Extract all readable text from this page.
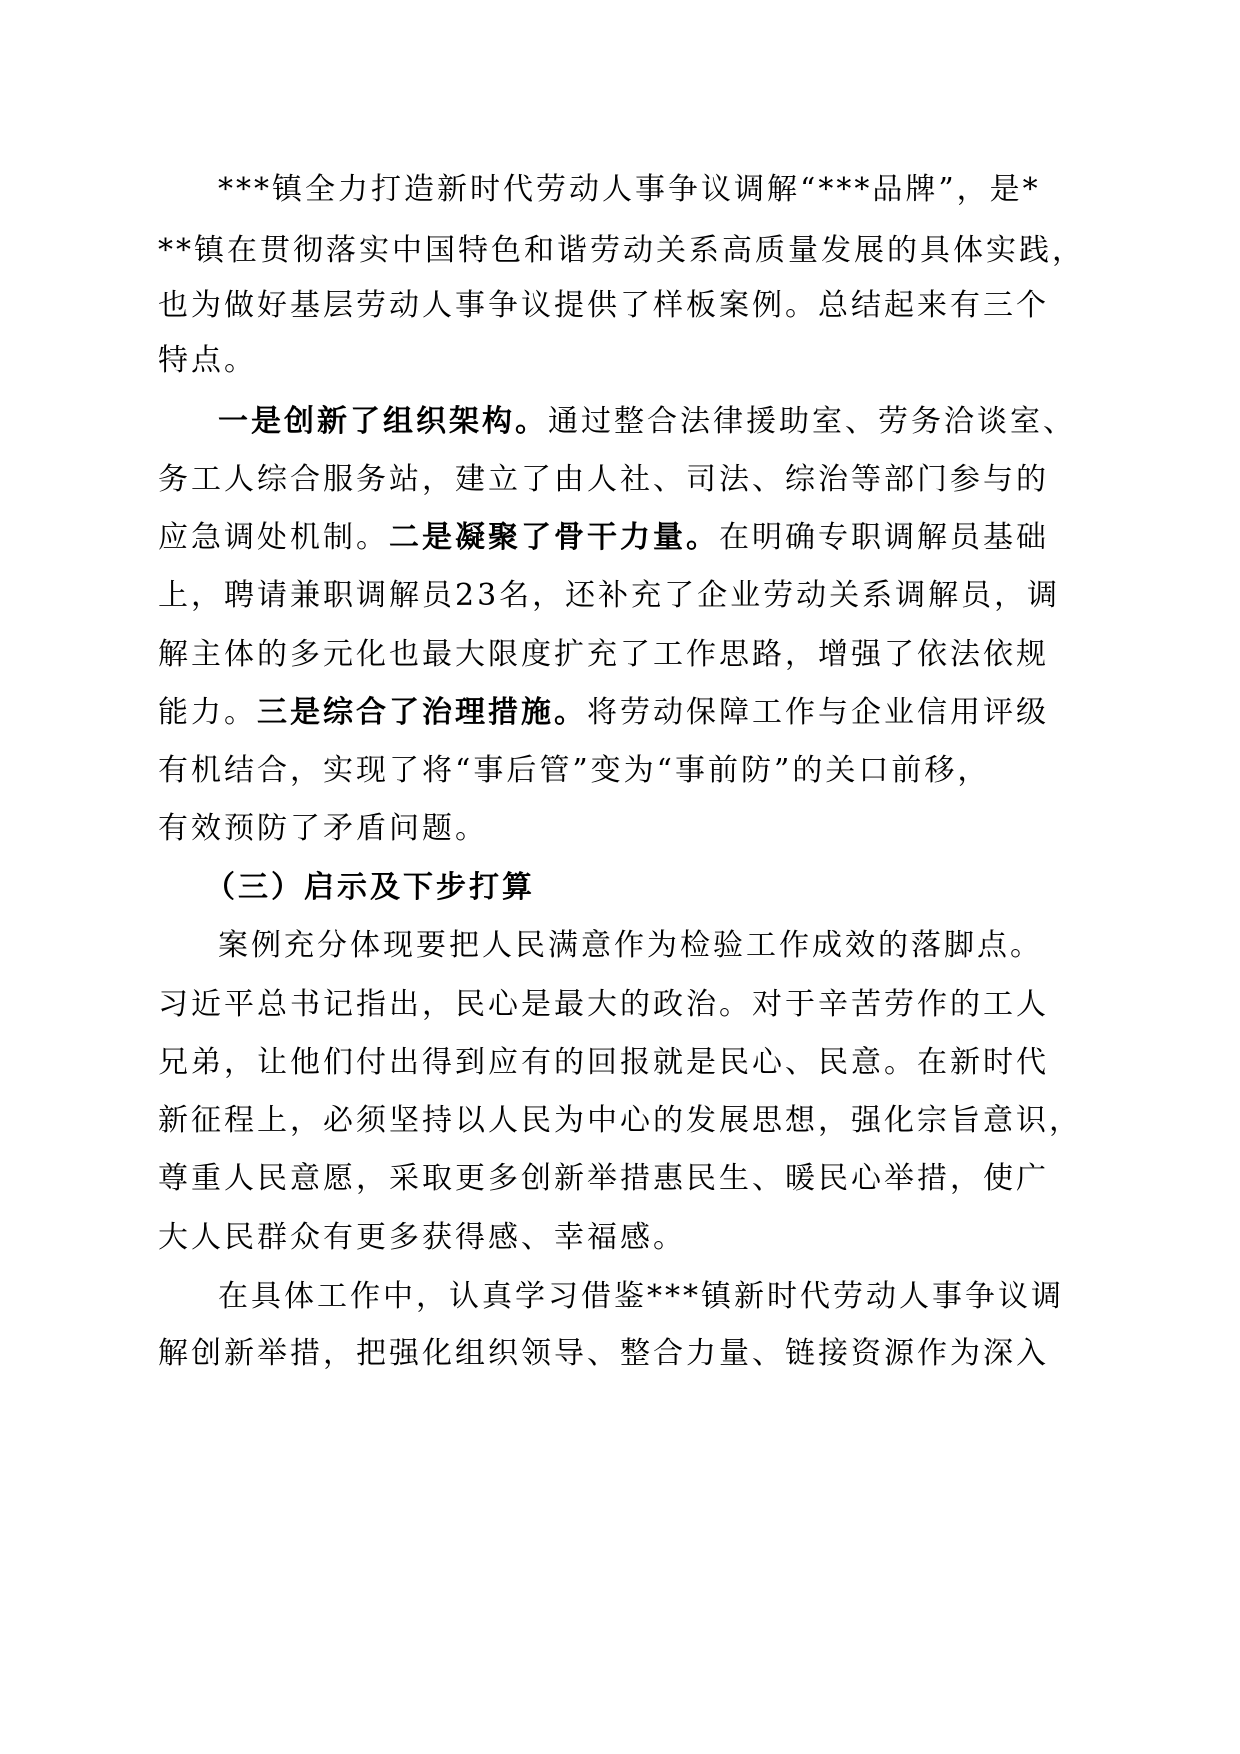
***镇全力打造新时代劳动人事争议调解“***品牌”，是*
**镇在贯彻落实中国特色和谐劳动关系高质量发展的具体实践，
也为做好基层劳动人事争议提供了样板案例。总结起来有三个
特点。
一是创新了组织架构。通过整合法律援助室、劳务洽谈室、
务工人综合服务站，建立了由人社、司法、综治等部门参与的
应急调处机制。二是凝聚了骨干力量。在明确专职调解员基础
上，聘请兼职调解员23名，还补充了企业劳动关系调解员，调
解主体的多元化也最大限度扩充了工作思路，增强了依法依规
能力。三是综合了治理措施。将劳动保障工作与企业信用评级
有机结合，实现了将“事后管”变为“事前防”的关口前移，
有效预防了矛盾问题。
（三）启示及下步打算
案例充分体现要把人民满意作为检验工作成效的落脚点。
习近平总书记指出，民心是最大的政治。对于辛苦劳作的工人
兄弟，让他们付出得到应有的回报就是民心、民意。在新时代
新征程上，必须坚持以人民为中心的发展思想，强化宗旨意识，
尊重人民意愿，采取更多创新举措惠民生、暖民心举措，使广
大人民群众有更多获得感、幸福感。
在具体工作中，认真学习借鉴***镇新时代劳动人事争议调
解创新举措，把强化组织领导、整合力量、链接资源作为深入
